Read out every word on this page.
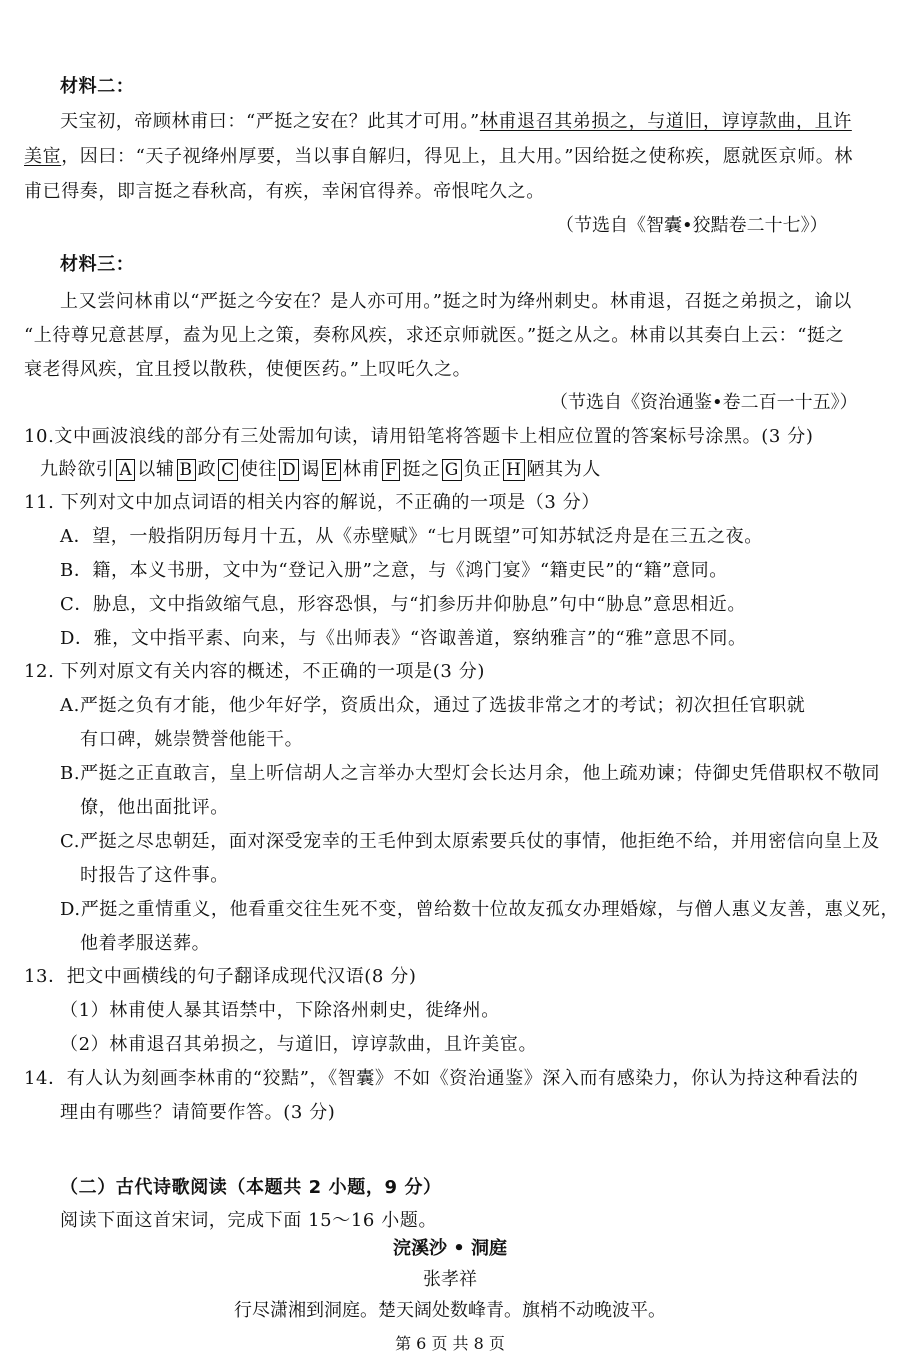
材料二：
天宝初，帝顾林甫曰：“严挺之安在？此其才可用。”林甫退召其弟损之，与道旧，谆谆款曲，且许
美宦，因曰：“天子视绛州厚要，当以事自解归，得见上，且大用。”因给挺之使称疾，愿就医京师。林
甫已得奏，即言挺之春秋高，有疾，幸闲官得养。帝恨咤久之。
（节选自《智囊•狡黠卷二十七》）
材料三：
上又尝问林甫以“严挺之今安在？是人亦可用。”挺之时为绛州刺史。林甫退，召挺之弟损之，谕以
“上待尊兄意甚厚，盍为见上之策，奏称风疾，求还京师就医。”挺之从之。林甫以其奏白上云：“挺之
衰老得风疾，宜且授以散秩，使便医药。”上叹吒久之。
（节选自《资治通鉴•卷二百一十五》）
10.文中画波浪线的部分有三处需加句读，请用铅笔将答题卡上相应位置的答案标号涂黑。(3 分)
九龄欲引 A 以辅 B 政 C 使往 D 谒 E 林甫 F 挺之 G 负正 H 陋其为人
11. 下列对文中加点词语的相关内容的解说，不正确的一项是（3 分）
A．望，一般指阴历每月十五，从《赤壁赋》“七月既望”可知苏轼泛舟是在三五之夜。
B．籍，本义书册，文中为“登记入册”之意，与《鸿门宴》“籍吏民”的“籍”意同。
C．胁息，文中指敛缩气息，形容恐惧，与“扪参历井仰胁息”句中“胁息”意思相近。
D．雅，文中指平素、向来，与《出师表》“咨诹善道，察纳雅言”的“雅”意思不同。
12. 下列对原文有关内容的概述，不正确的一项是(3 分)
A.严挺之负有才能，他少年好学，资质出众，通过了选拔非常之才的考试；初次担任官职就
有口碑，姚崇赞誉他能干。
B.严挺之正直敢言，皇上听信胡人之言举办大型灯会长达月余，他上疏劝谏；侍御史凭借职权不敬同
僚，他出面批评。
C.严挺之尽忠朝廷，面对深受宠幸的王毛仲到太原索要兵仗的事情，他拒绝不给，并用密信向皇上及
时报告了这件事。
D.严挺之重情重义，他看重交往生死不变，曾给数十位故友孤女办理婚嫁，与僧人惠义友善，惠义死，
他着孝服送葬。
13．把文中画横线的句子翻译成现代汉语(8 分)
（1）林甫使人暴其语禁中，下除洛州刺史，徙绛州。
（2）林甫退召其弟损之，与道旧，谆谆款曲，且许美宦。
14．有人认为刻画李林甫的“狡黠”，《智囊》不如《资治通鉴》深入而有感染力，你认为持这种看法的
理由有哪些？请简要作答。(3 分)
（二）古代诗歌阅读（本题共 2 小题，9 分）
阅读下面这首宋词，完成下面 15～16 小题。
浣溪沙 • 洞庭
张孝祥
行尽潇湘到洞庭。楚天阔处数峰青。旗梢不动晚波平。
第 6 页 共 8 页
